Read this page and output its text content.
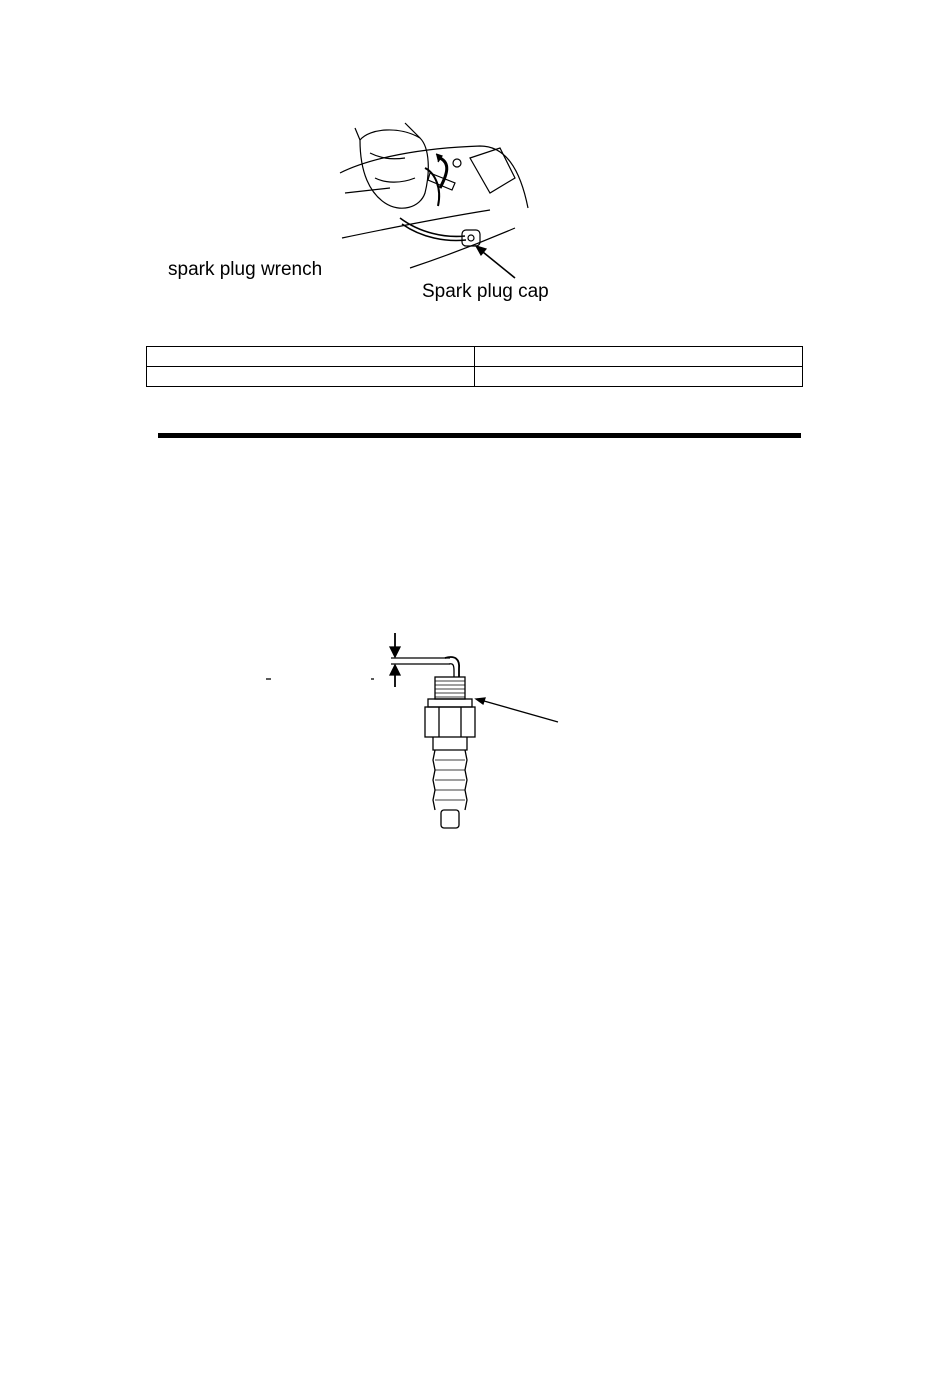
spark plug wrench
Spark plug cap
